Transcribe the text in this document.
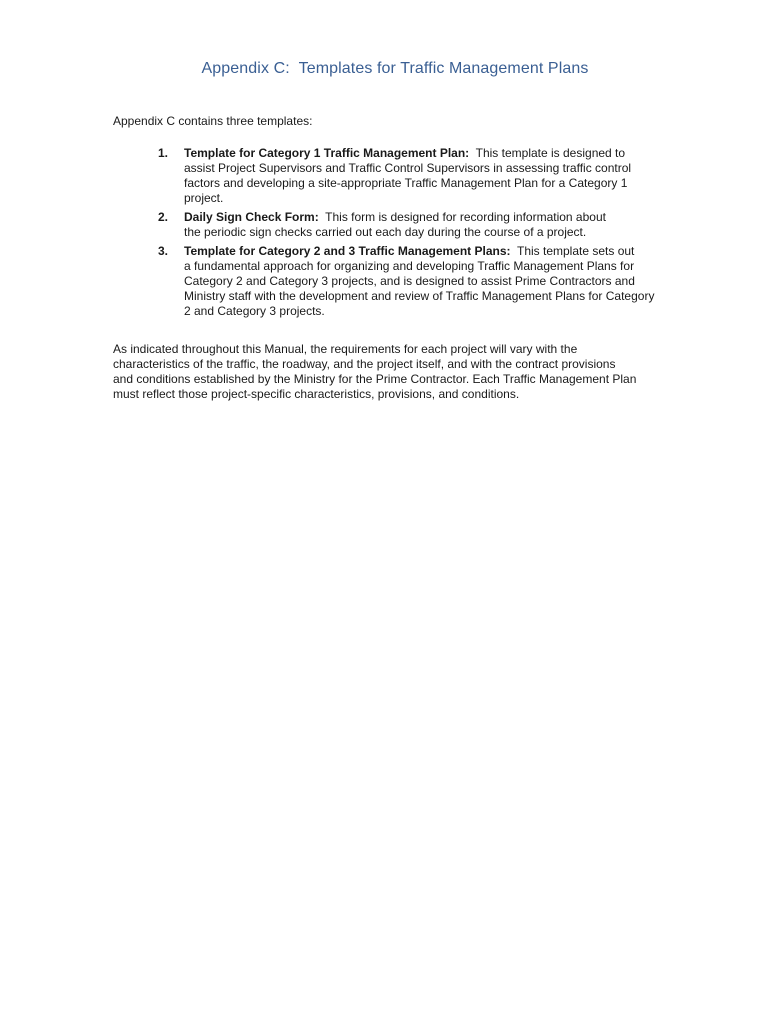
Appendix C:  Templates for Traffic Management Plans
Appendix C contains three templates:
1. Template for Category 1 Traffic Management Plan: This template is designed to
assist Project Supervisors and Traffic Control Supervisors in assessing traffic control
factors and developing a site-appropriate Traffic Management Plan for a Category 1
project.
2. Daily Sign Check Form: This form is designed for recording information about
the periodic sign checks carried out each day during the course of a project.
3. Template for Category 2 and 3 Traffic Management Plans: This template sets out
a fundamental approach for organizing and developing Traffic Management Plans for
Category 2 and Category 3 projects, and is designed to assist Prime Contractors and
Ministry staff with the development and review of Traffic Management Plans for Category
2 and Category 3 projects.
As indicated throughout this Manual, the requirements for each project will vary with the
characteristics of the traffic, the roadway, and the project itself, and with the contract provisions
and conditions established by the Ministry for the Prime Contractor. Each Traffic Management Plan
must reflect those project-specific characteristics, provisions, and conditions.
